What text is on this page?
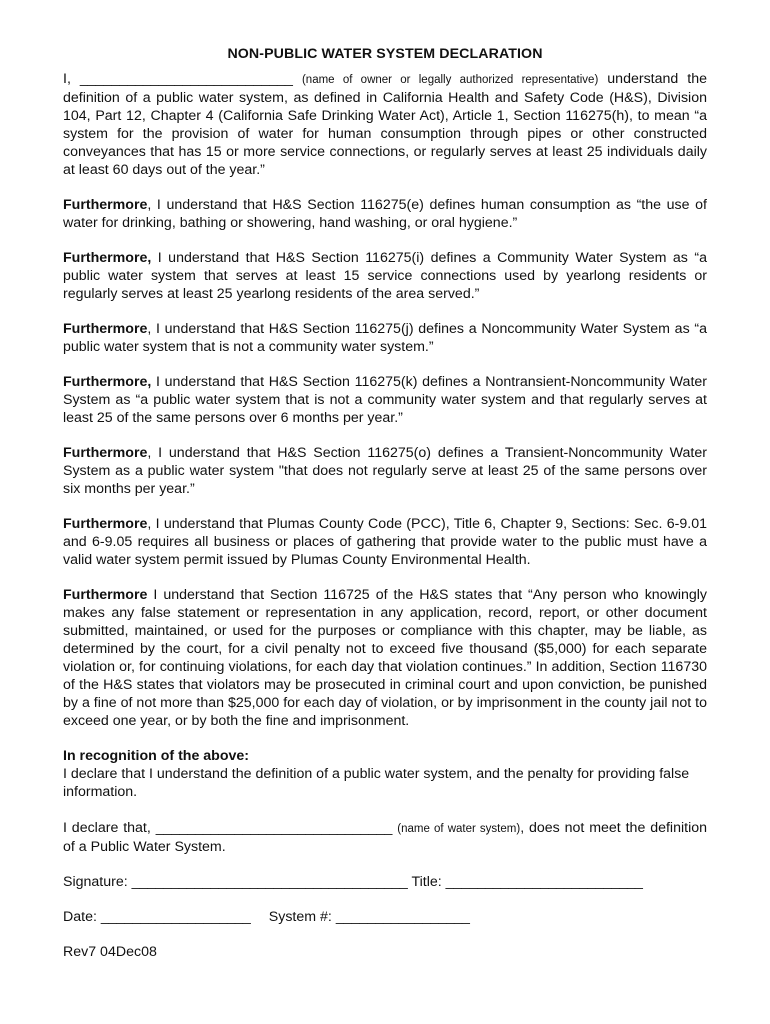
NON-PUBLIC WATER SYSTEM DECLARATION
I, ___________________________ (name of owner or legally authorized representative) understand the definition of a public water system, as defined in California Health and Safety Code (H&S), Division 104, Part 12, Chapter 4 (California Safe Drinking Water Act), Article 1, Section 116275(h), to mean “a system for the provision of water for human consumption through pipes or other constructed conveyances that has 15 or more service connections, or regularly serves at least 25 individuals daily at least 60 days out of the year.”
Furthermore, I understand that H&S Section 116275(e) defines human consumption as “the use of water for drinking, bathing or showering, hand washing, or oral hygiene.”
Furthermore, I understand that H&S Section 116275(i) defines a Community Water System as “a public water system that serves at least 15 service connections used by yearlong residents or regularly serves at least 25 yearlong residents of the area served.”
Furthermore, I understand that H&S Section 116275(j) defines a Noncommunity Water System as “a public water system that is not a community water system.”
Furthermore, I understand that H&S Section 116275(k) defines a Nontransient-Noncommunity Water System as “a public water system that is not a community water system and that regularly serves at least 25 of the same persons over 6 months per year.”
Furthermore, I understand that H&S Section 116275(o) defines a Transient-Noncommunity Water System as a public water system "that does not regularly serve at least 25 of the same persons over six months per year.”
Furthermore, I understand that Plumas County Code (PCC), Title 6, Chapter 9, Sections: Sec. 6-9.01 and 6-9.05 requires all business or places of gathering that provide water to the public must have a valid water system permit issued by Plumas County Environmental Health.
Furthermore I understand that Section 116725 of the H&S states that “Any person who knowingly makes any false statement or representation in any application, record, report, or other document submitted, maintained, or used for the purposes or compliance with this chapter, may be liable, as determined by the court, for a civil penalty not to exceed five thousand ($5,000) for each separate violation or, for continuing violations, for each day that violation continues.” In addition, Section 116730 of the H&S states that violators may be prosecuted in criminal court and upon conviction, be punished by a fine of not more than $25,000 for each day of violation, or by imprisonment in the county jail not to exceed one year, or by both the fine and imprisonment.
In recognition of the above:
I declare that I understand the definition of a public water system, and the penalty for providing false information.
I declare that, ______________________________ (name of water system), does not meet the definition of a Public Water System.
Signature: ___________________________________ Title: _________________________
Date: ___________________ System #: _________________
Rev7 04Dec08
